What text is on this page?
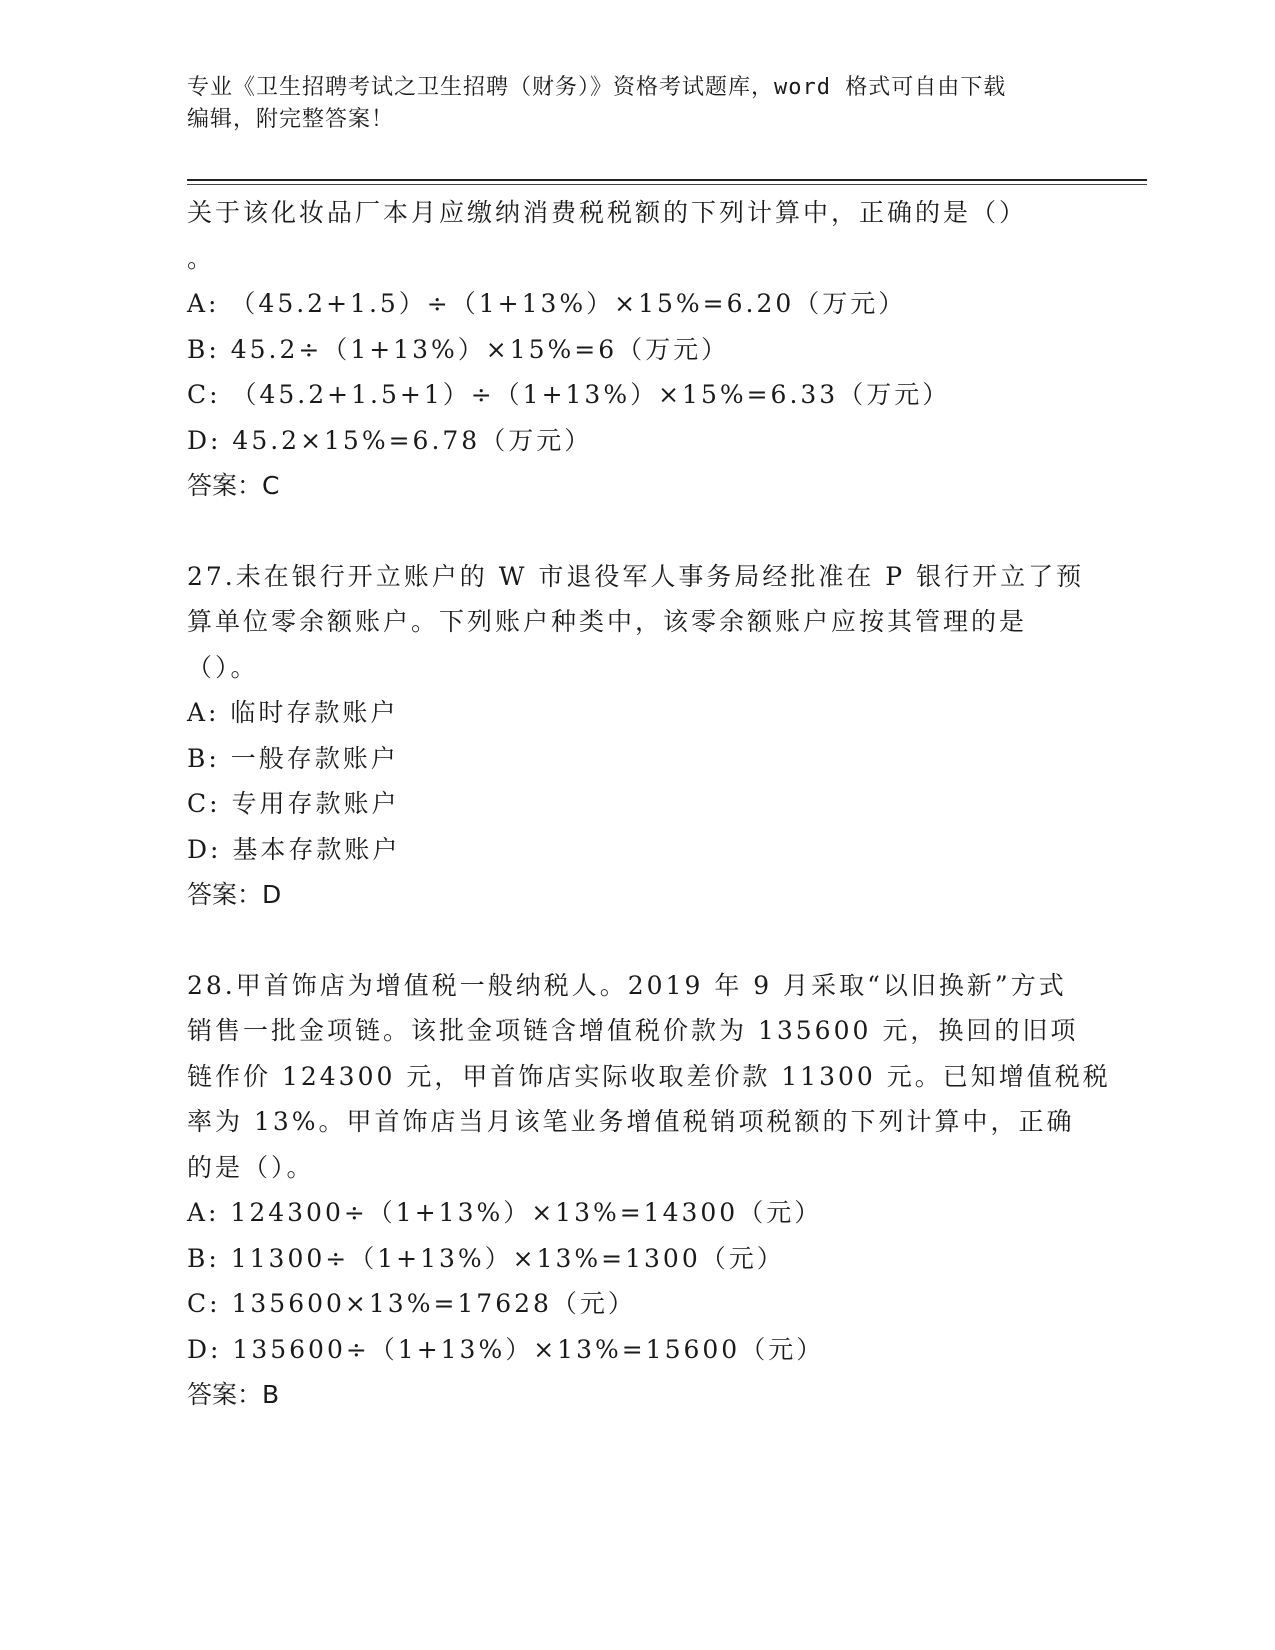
专业《卫生招聘考试之卫生招聘（财务）》资格考试题库，word 格式可自由下载
编辑，附完整答案！
关于该化妆品厂本月应缴纳消费税税额的下列计算中，正确的是（）
。
A: （45.2+1.5）÷（1+13%）×15%=6.20（万元）
B: 45.2÷（1+13%）×15%=6（万元）
C: （45.2+1.5+1）÷（1+13%）×15%=6.33（万元）
D: 45.2×15%=6.78（万元）
答案：C
27.未在银行开立账户的 W 市退役军人事务局经批准在 P 银行开立了预
算单位零余额账户。下列账户种类中，该零余额账户应按其管理的是
（）。
A: 临时存款账户
B: 一般存款账户
C: 专用存款账户
D: 基本存款账户
答案：D
28.甲首饰店为增值税一般纳税人。2019 年 9 月采取“以旧换新”方式
销售一批金项链。该批金项链含增值税价款为 135600 元，换回的旧项
链作价 124300 元，甲首饰店实际收取差价款 11300 元。已知增值税税
率为 13%。甲首饰店当月该笔业务增值税销项税额的下列计算中，正确
的是（）。
A: 124300÷（1+13%）×13%=14300（元）
B: 11300÷（1+13%）×13%=1300（元）
C: 135600×13%=17628（元）
D: 135600÷（1+13%）×13%=15600（元）
答案：B
